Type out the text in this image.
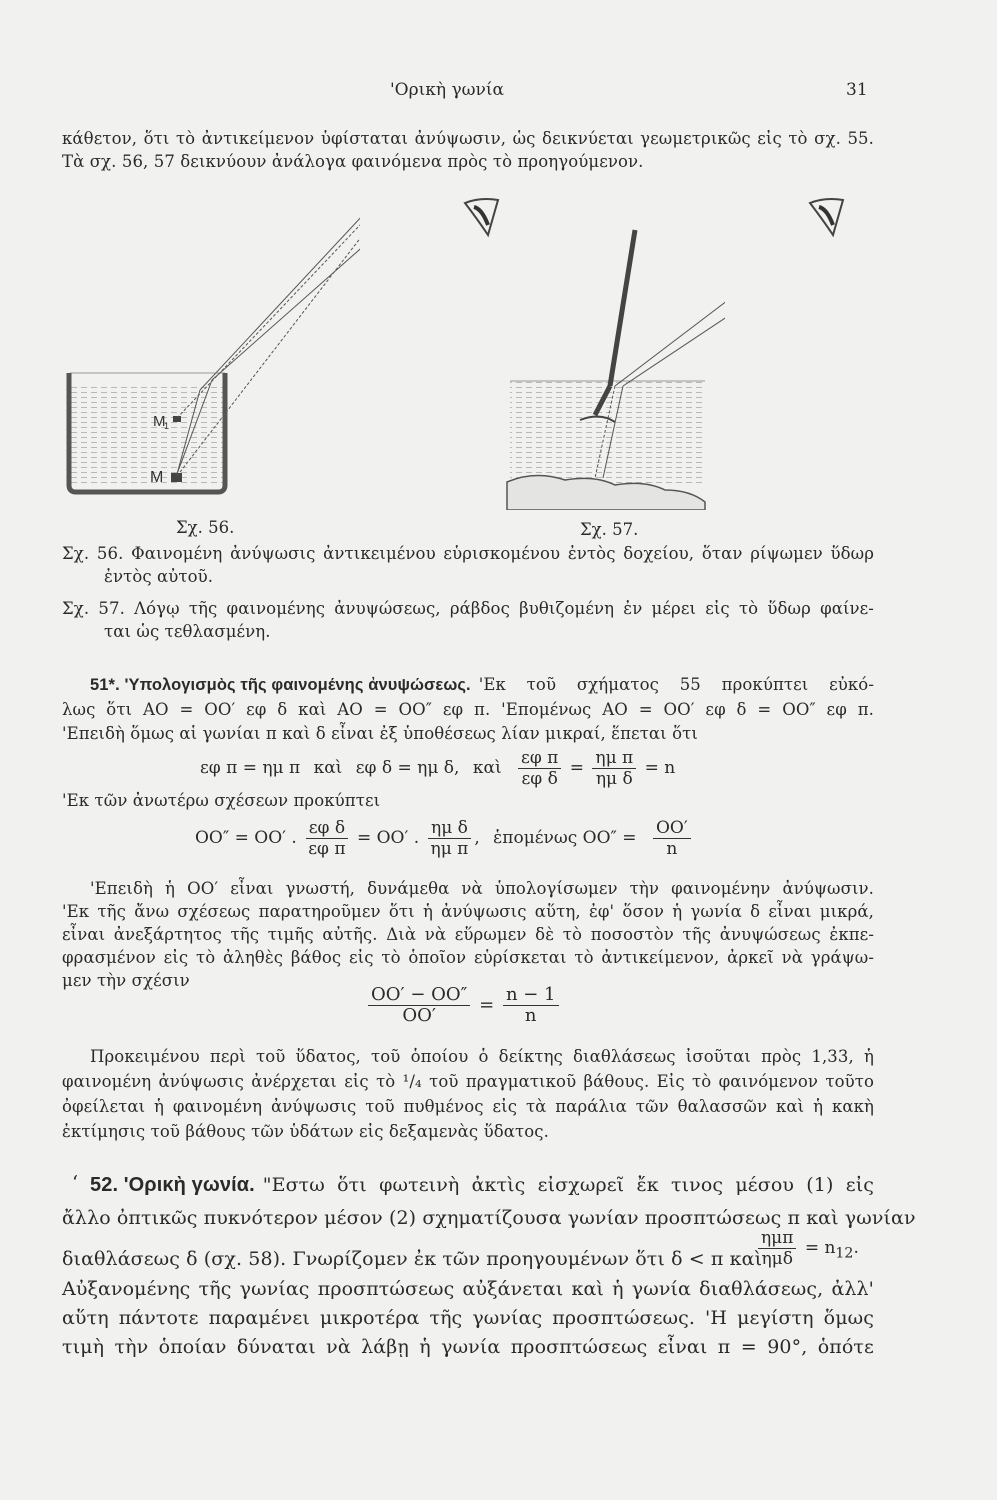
'Ορικὴ γωνία	31
κάθετον, ὅτι τὸ ἀντικείμενον ὑφίσταται ἀνύψωσιν, ὡς δεικνύεται γεωμετρικῶς εἰς τὸ σχ. 55.
Τὰ σχ. 56, 57 δεικνύουν ἀνάλογα φαινόμενα πρὸς τὸ προηγούμενον.
M
1
M
Σχ. 56.	Σχ. 57.
Σχ. 56. Φαινομένη ἀνύψωσις ἀντικειμένου εὑρισκομένου ἐντὸς δοχείου, ὅταν ρίψωμεν ὕδωρ
ἐντὸς αὐτοῦ.
Σχ. 57. Λόγῳ τῆς φαινομένης ἀνυψώσεως, ράβδος βυθιζομένη ἐν μέρει εἰς τὸ ὕδωρ φαίνε-
ται ὡς τεθλασμένη.
51*. 'Υπολογισμὸς τῆς φαινομένης ἀνυψώσεως. 'Εκ τοῦ σχήματος 55 προκύπτει εὐκό-
λως ὅτι AO = OO′ εφ δ καὶ AO = OO″ εφ π. 'Επομένως AO = OO′ εφ δ = OO″ εφ π.
'Επειδὴ ὅμως αἱ γωνίαι π καὶ δ εἶναι ἐξ ὑποθέσεως λίαν μικραί, ἕπεται ὅτι
εφ π = ημ π καὶ εφ δ = ημ δ, καὶ $\frac{\text{εφ π}}{\text{εφ δ}} = \frac{\text{ημ π}}{\text{ημ δ}} = n$
'Εκ τῶν ἀνωτέρω σχέσεων προκύπτει
OO″ = OO′ . $\frac{\text{εφ δ}}{\text{εφ π}} = OO'$ . $\frac{\text{ημ δ}}{\text{ημ π}}$ , ἑπομένως $OO'' = \frac{OO'}{n}$
'Επειδὴ ἡ OO′ εἶναι γνωστή, δυνάμεθα νὰ ὑπολογίσωμεν τὴν φαινομένην ἀνύψωσιν.
'Εκ τῆς ἄνω σχέσεως παρατηροῦμεν ὅτι ἡ ἀνύψωσις αὕτη, ἐφ' ὅσον ἡ γωνία δ εἶναι μικρά,
εἶναι ἀνεξάρτητος τῆς τιμῆς αὐτῆς. Διὰ νὰ εὕρωμεν δὲ τὸ ποσοστὸν τῆς ἀνυψώσεως ἐκπε-
φρασμένον εἰς τὸ ἀληθὲς βάθος εἰς τὸ ὁποῖον εὑρίσκεται τὸ ἀντικείμενον, ἀρκεῖ νὰ γράψω-
μεν τὴν σχέσιν
$\frac{OO' - OO''}{OO'} = \frac{n - 1}{n}$
Προκειμένου περὶ τοῦ ὕδατος, τοῦ ὁποίου ὁ δείκτης διαθλάσεως ἰσοῦται πρὸς 1,33, ἡ
φαινομένη ἀνύψωσις ἀνέρχεται εἰς τὸ ¹/₄ τοῦ πραγματικοῦ βάθους. Εἰς τὸ φαινόμενον τοῦτο
ὀφείλεται ἡ φαινομένη ἀνύψωσις τοῦ πυθμένος εἰς τὰ παράλια τῶν θαλασσῶν καὶ ἡ κακὴ
ἐκτίμησις τοῦ βάθους τῶν ὑδάτων εἰς δεξαμενὰς ὕδατος.
ʻ 52. 'Ορικὴ γωνία. "Εστω ὅτι φωτεινὴ ἀκτὶς εἰσχωρεῖ ἔκ τινος μέσου (1) εἰς
ἄλλο ὀπτικῶς πυκνότερον μέσον (2) σχηματίζουσα γωνίαν προσπτώσεως π καὶ γωνίαν
διαθλάσεως δ (σχ. 58). Γνωρίζομεν ἐκ τῶν προηγουμένων ὅτι δ < π καὶ
$\frac{\text{ημπ}}{\text{ημδ}} = n_{12}$.
Αὐξανομένης τῆς γωνίας προσπτώσεως αὐξάνεται καὶ ἡ γωνία διαθλάσεως, ἀλλ'
αὕτη πάντοτε παραμένει μικροτέρα τῆς γωνίας προσπτώσεως. 'Η μεγίστη ὅμως
τιμὴ τὴν ὁποίαν δύναται νὰ λάβῃ ἡ γωνία προσπτώσεως εἶναι π = 90°, ὁπότε
